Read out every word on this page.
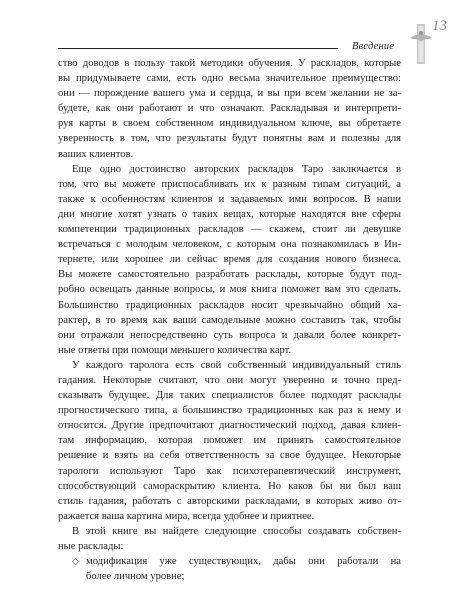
Введение
13
ство доводов в пользу такой методики обучения. У раскладов, которые
вы придумываете сами, есть одно весьма значительное преимущество:
они — порождение вашего ума и сердца, и вы при всем желании не за-
будете, как они работают и что означают. Раскладывая и интерпрети-
руя карты в своем собственном индивидуальном ключе, вы обретаете
уверенность в том, что результаты будут понятны вам и полезны для
ваших клиентов.
Еще одно достоинство авторских раскладов Таро заключается в
том, что вы можете приспосабливать их к разным типам ситуаций, а
также к особенностям клиентов и задаваемых ими вопросов. В наши
дни многие хотят узнать о таких вещах, которые находятся вне сферы
компетенции традиционных раскладов — скажем, стоит ли девушке
встречаться с молодым человеком, с которым она познакомилась в Ин-
тернете, или хорошее ли сейчас время для создания нового бизнеса.
Вы можете самостоятельно разработать расклады, которые будут под-
робно освещать данные вопросы, и моя книга поможет вам это сделать.
Большинство традиционных раскладов носит чрезвычайно общий ха-
рактер, в то время как ваши самодельные можно составить так, чтобы
они отражали непосредственно суть вопроса и давали более конкрет-
ные ответы при помощи меньшего количества карт.
У каждого таролога есть свой собственный индивидуальный стиль
гадания. Некоторые считают, что они могут уверенно и точно пред-
сказывать будущее. Для таких специалистов более подходят расклады
прогностического типа, а большинство традиционных как раз к нему и
относится. Другие предпочитают диагностический подход, давая клиен-
там информацию, которая поможет им принять самостоятельное
решение и взять на себя ответственность за свое будущее. Некоторые
тарологи используют Таро как психотерапевтический инструмент,
способствующий самораскрытию клиента. Но каков бы ни был ваш
стиль гадания, работать с авторскими раскладами, в которых живо от-
ражается ваша картина мира, всегда удобнее и приятнее.
В этой книге вы найдете следующие способы создавать собствен-
ные расклады:
◇ модификация уже существующих, дабы они работали на
более личном уровне;
